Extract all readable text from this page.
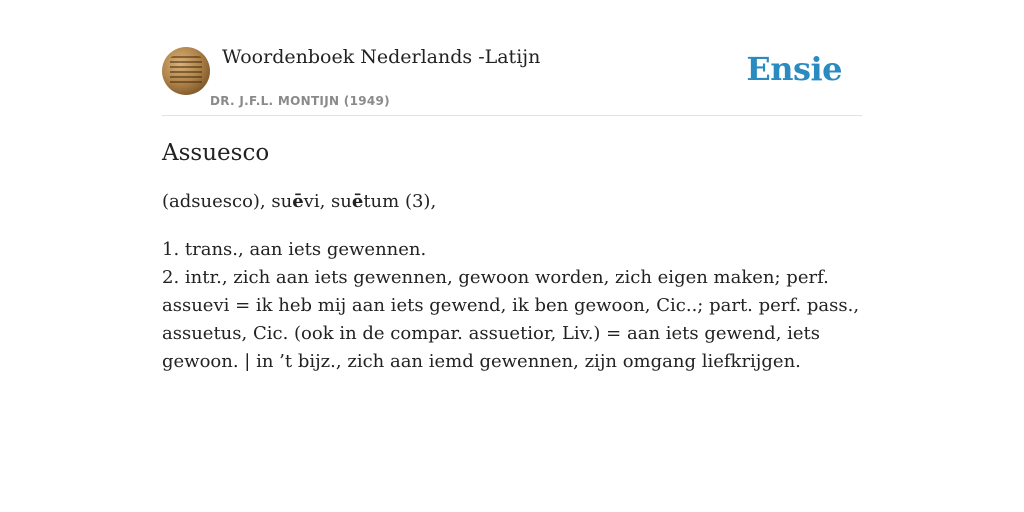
Woordenboek Nederlands -Latijn
DR. J.F.L. MONTIJN (1949)
Ensie
Assuesco
(adsuesco), suēvi, suētum (3),
1. trans., aan iets gewennen.
2. intr., zich aan iets gewennen, gewoon worden, zich eigen maken; perf. assuevi = ik heb mij aan iets gewend, ik ben gewoon, Cic..; part. perf. pass., assuetus, Cic. (ook in de compar. assuetior, Liv.) = aan iets gewend, iets gewoon. | in ’t bijz., zich aan iemd gewennen, zijn omgang liefkrijgen.
